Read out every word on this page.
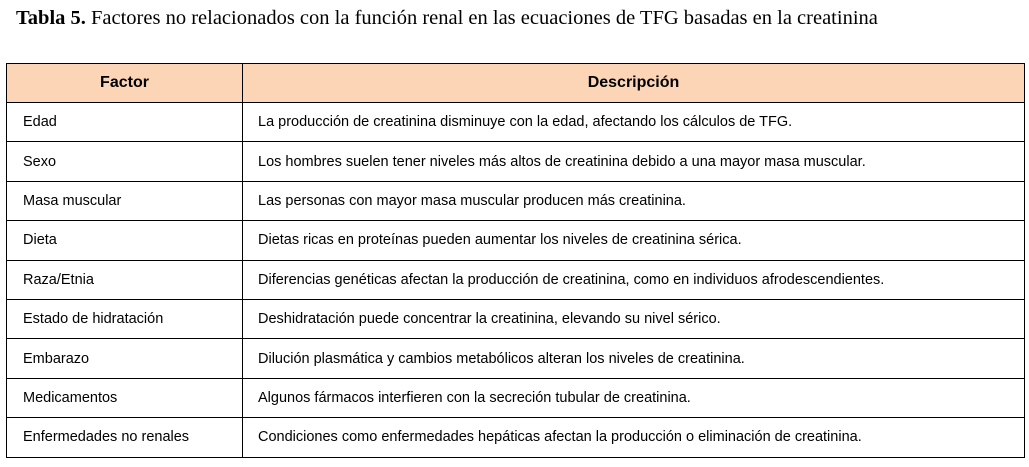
Tabla 5. Factores no relacionados con la función renal en las ecuaciones de TFG basadas en la creatinina
Factor	Descripción
Edad	La producción de creatinina disminuye con la edad, afectando los cálculos de TFG.
Sexo	Los hombres suelen tener niveles más altos de creatinina debido a una mayor masa muscular.
Masa muscular	Las personas con mayor masa muscular producen más creatinina.
Dieta	Dietas ricas en proteínas pueden aumentar los niveles de creatinina sérica.
Raza/Etnia	Diferencias genéticas afectan la producción de creatinina, como en individuos afrodescendientes.
Estado de hidratación	Deshidratación puede concentrar la creatinina, elevando su nivel sérico.
Embarazo	Dilución plasmática y cambios metabólicos alteran los niveles de creatinina.
Medicamentos	Algunos fármacos interfieren con la secreción tubular de creatinina.
Enfermedades no renales	Condiciones como enfermedades hepáticas afectan la producción o eliminación de creatinina.
